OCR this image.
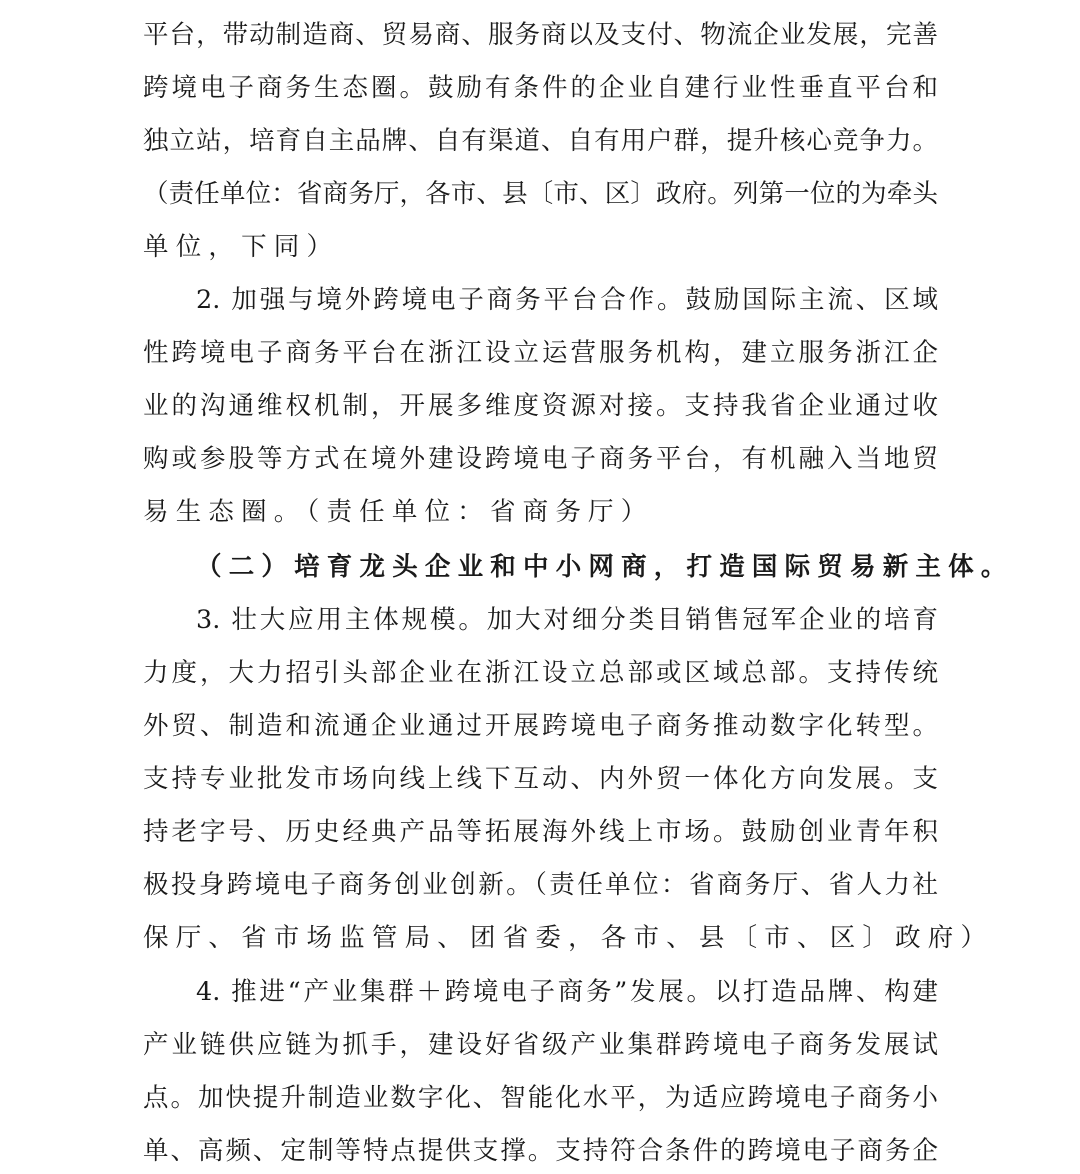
平台，带动制造商、贸易商、服务商以及支付、物流企业发展，完善
跨境电子商务生态圈。鼓励有条件的企业自建行业性垂直平台和
独立站，培育自主品牌、自有渠道、自有用户群，提升核心竞争力。
（责任单位：省商务厅，各市、县〔市、区〕政府。列第一位的为牵头
单位，下同）
2. 加强与境外跨境电子商务平台合作。鼓励国际主流、区域
性跨境电子商务平台在浙江设立运营服务机构，建立服务浙江企
业的沟通维权机制，开展多维度资源对接。支持我省企业通过收
购或参股等方式在境外建设跨境电子商务平台，有机融入当地贸
易生态圈。（责任单位：省商务厅）
（二）培育龙头企业和中小网商，打造国际贸易新主体。
3. 壮大应用主体规模。加大对细分类目销售冠军企业的培育
力度，大力招引头部企业在浙江设立总部或区域总部。支持传统
外贸、制造和流通企业通过开展跨境电子商务推动数字化转型。
支持专业批发市场向线上线下互动、内外贸一体化方向发展。支
持老字号、历史经典产品等拓展海外线上市场。鼓励创业青年积
极投身跨境电子商务创业创新。（责任单位：省商务厅、省人力社
保厅、省市场监管局、团省委，各市、县〔市、区〕政府）
4. 推进“产业集群＋跨境电子商务”发展。以打造品牌、构建
产业链供应链为抓手，建设好省级产业集群跨境电子商务发展试
点。加快提升制造业数字化、智能化水平，为适应跨境电子商务小
单、高频、定制等特点提供支撑。支持符合条件的跨境电子商务企
